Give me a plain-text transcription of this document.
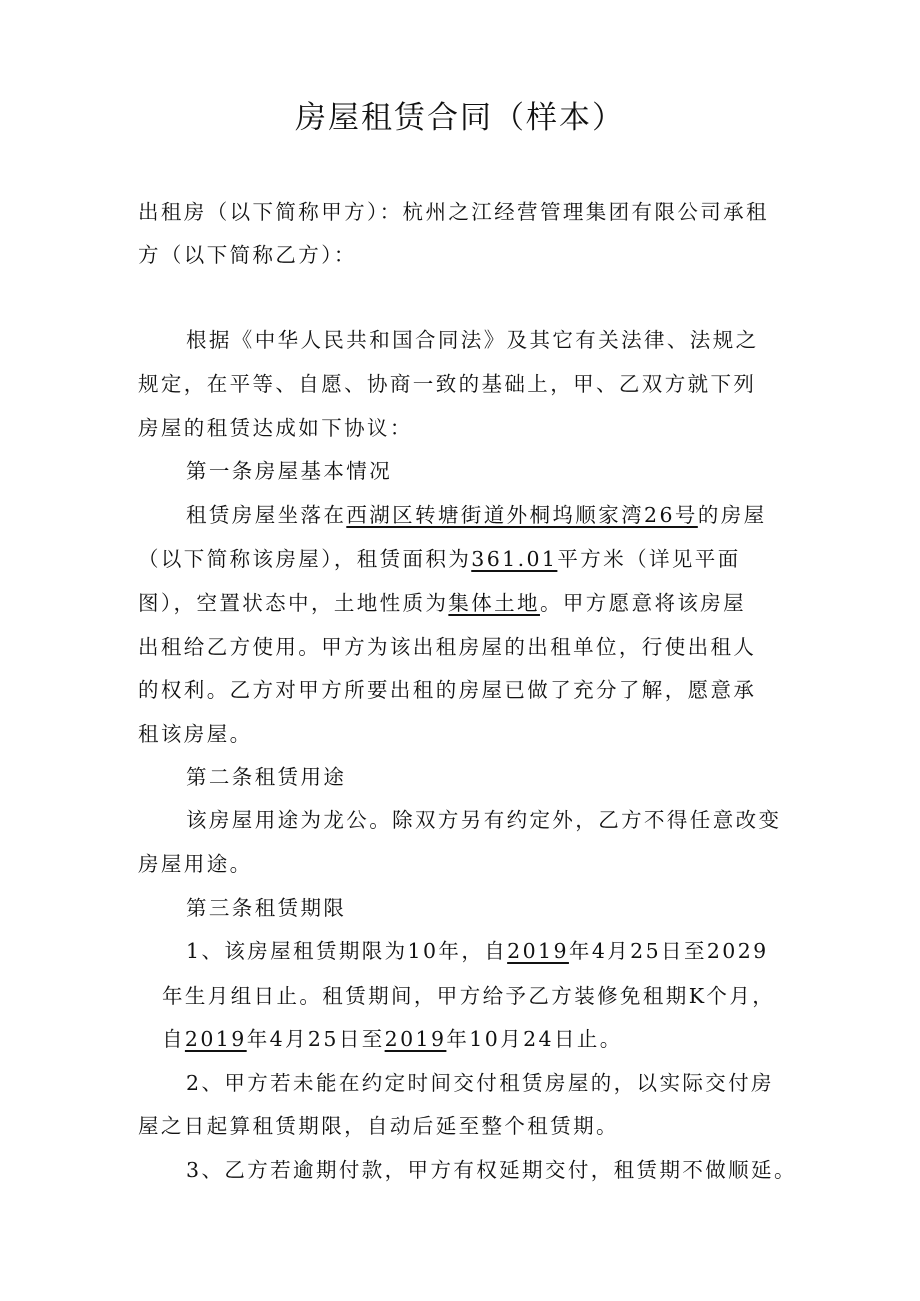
房屋租赁合同（样本）
出租房（以下简称甲方）：杭州之江经营管理集团有限公司承租
方（以下简称乙方）：
根据《中华人民共和国合同法》及其它有关法律、法规之
规定，在平等、自愿、协商一致的基础上，甲、乙双方就下列
房屋的租赁达成如下协议：
第一条房屋基本情况
租赁房屋坐落在西湖区转塘街道外桐坞顺家湾26号的房屋
（以下简称该房屋），租赁面积为361.01平方米（详见平面
图），空置状态中，土地性质为集体土地。甲方愿意将该房屋
出租给乙方使用。甲方为该出租房屋的出租单位，行使出租人
的权利。乙方对甲方所要出租的房屋已做了充分了解，愿意承
租该房屋。
第二条租赁用途
该房屋用途为龙公。除双方另有约定外，乙方不得任意改变
房屋用途。
第三条租赁期限
1、该房屋租赁期限为10年，自2019年4月25日至2029
年生月组日止。租赁期间，甲方给予乙方装修免租期K个月，
自2019年4月25日至2019年10月24日止。
2、甲方若未能在约定时间交付租赁房屋的，以实际交付房
屋之日起算租赁期限，自动后延至整个租赁期。
3、乙方若逾期付款，甲方有权延期交付，租赁期不做顺延。
